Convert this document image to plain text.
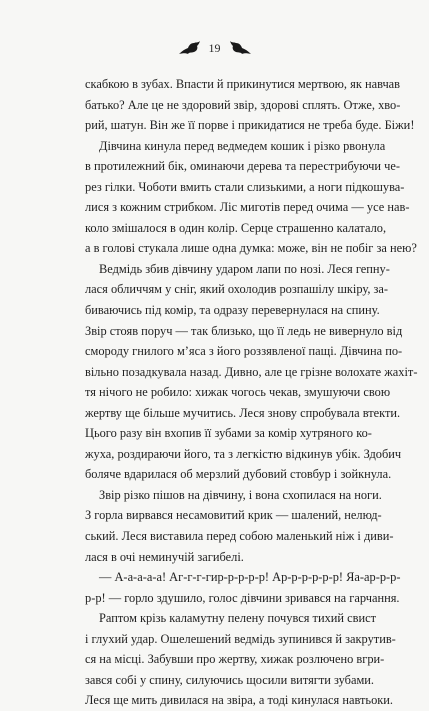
19
скабкою в зубах. Впасти й прикинутися мертвою, як навчав
батько? Але це не здоровий звір, здорові сплять. Отже, хво-
рий, шатун. Він же її порве і прикидатися не треба буде. Біжи!
Дівчина кинула перед ведмедем кошик і різко рвонула
в протилежний бік, оминаючи дерева та перестрибуючи че-
рез гілки. Чоботи вмить стали слизькими, а ноги підкошува-
лися з кожним стрибком. Ліс миготів перед очима — усе нав-
коло змішалося в один колір. Серце страшенно калатало,
а в голові стукала лише одна думка: може, він не побіг за нею?
Ведмідь збив дівчину ударом лапи по нозі. Леся гепну-
лася обличчям у сніг, який охолодив розпашілу шкіру, за-
биваючись під комір, та одразу перевернулася на спину.
Звір стояв поруч — так близько, що її ледь не вивернуло від
смороду гнилого м’яса з його роззявленої пащі. Дівчина по-
вільно позадкувала назад. Дивно, але це грізне волохате жахіт-
тя нічого не робило: хижак чогось чекав, змушуючи свою
жертву ще більше мучитись. Леся знову спробувала втекти.
Цього разу він вхопив її зубами за комір хутряного ко-
жуха, роздираючи його, та з легкістю відкинув убік. Здобич
боляче вдарилася об мерзлий дубовий стовбур і зойкнула.
Звір різко пішов на дівчину, і вона схопилася на ноги.
З горла вирвався несамовитий крик — шалений, нелюд-
ський. Леся виставила перед собою маленький ніж і диви-
лася в очі неминучій загибелі.
— А-а-а-а-а! Аг-г-г-гир-р-р-р-р! Ар-р-р-р-р-р! Яа-ар-р-р-
р-р! — горло здушило, голос дівчини зривався на гарчання.
Раптом крізь каламутну пелену почувся тихий свист
і глухий удар. Ошелешений ведмідь зупинився й закрутив-
ся на місці. Забувши про жертву, хижак розлючено вгри-
зався собі у спину, силуючись щосили витягти зубами.
Леся ще мить дивилася на звіра, а тоді кинулася навтьоки.
